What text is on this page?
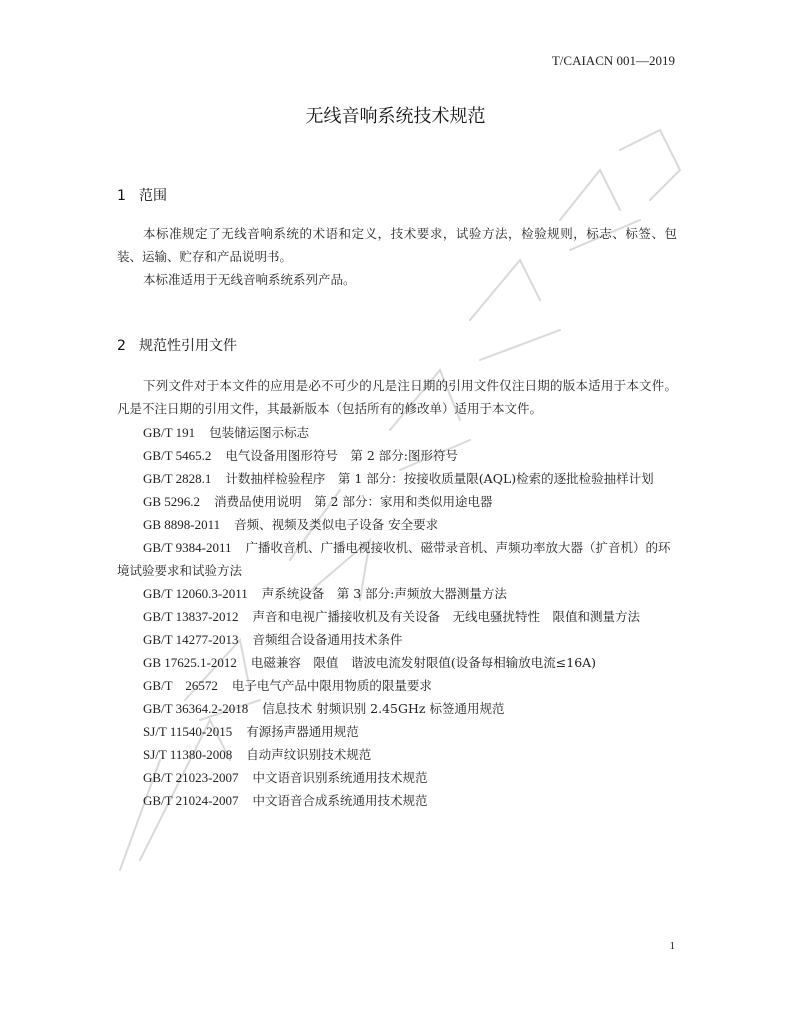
T/CAIACN 001—2019
无线音响系统技术规范
1 范围
本标准规定了无线音响系统的术语和定义，技术要求，试验方法，检验规则，标志、标签、包装、运输、贮存和产品说明书。
本标准适用于无线音响系统系列产品。
2 规范性引用文件
下列文件对于本文件的应用是必不可少的凡是注日期的引用文件仅注日期的版本适用于本文件。 凡是不注日期的引用文件，其最新版本（包括所有的修改单）适用于本文件。
GB/T 191 包装储运图示标志
GB/T 5465.2 电气设备用图形符号　第 2 部分:图形符号
GB/T 2828.1 计数抽样检验程序　第 1 部分：按接收质量限(AQL)检索的逐批检验抽样计划
GB 5296.2 消费品使用说明　第 2 部分：家用和类似用途电器
GB 8898-2011 音频、视频及类似电子设备 安全要求
GB/T 9384-2011 广播收音机、广播电视接收机、磁带录音机、声频功率放大器（扩音机）的环境试验要求和试验方法
GB/T 12060.3-2011 声系统设备　第 3 部分:声频放大器测量方法
GB/T 13837-2012 声音和电视广播接收机及有关设备　无线电骚扰特性　限值和测量方法
GB/T 14277-2013 音频组合设备通用技术条件
GB 17625.1-2012 电磁兼容　限值　谐波电流发射限值(设备每相输放电流≤16A)
GB/T　26572 电子电气产品中限用物质的限量要求
GB/T 36364.2-2018 信息技术 射频识别 2.45GHz 标签通用规范
SJ/T 11540-2015 有源扬声器通用规范
SJ/T 11380-2008 自动声纹识别技术规范
GB/T 21023-2007 中文语音识别系统通用技术规范
GB/T 21024-2007 中文语音合成系统通用技术规范
1
